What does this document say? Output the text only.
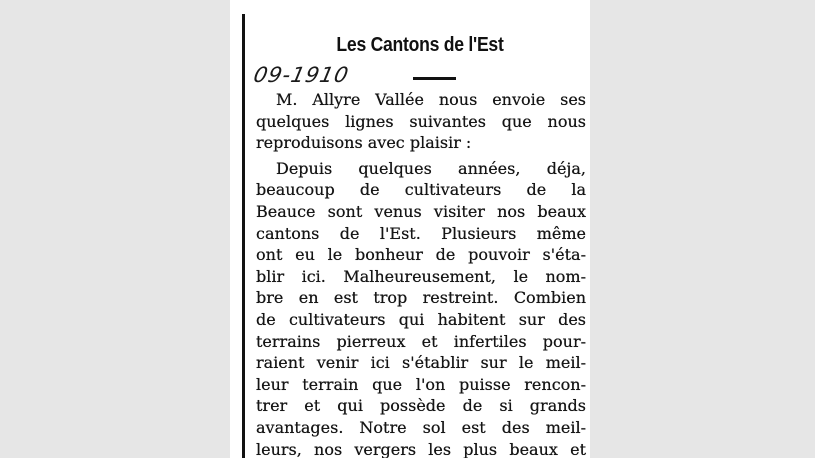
Les Cantons de l'Est
09-1910
M. Allyre Vallée nous envoie ses
quelques lignes suivantes que nous
reproduisons avec plaisir :
Depuis quelques années, déja,
beaucoup de cultivateurs de la
Beauce sont venus visiter nos beaux
cantons de l'Est. Plusieurs même
ont eu le bonheur de pouvoir s'éta-
blir ici. Malheureusement, le nom-
bre en est trop restreint. Combien
de cultivateurs qui habitent sur des
terrains pierreux et infertiles pour-
raient venir ici s'établir sur le meil-
leur terrain que l'on puisse rencon-
trer et qui possède de si grands
avantages. Notre sol est des meil-
leurs, nos vergers les plus beaux et
